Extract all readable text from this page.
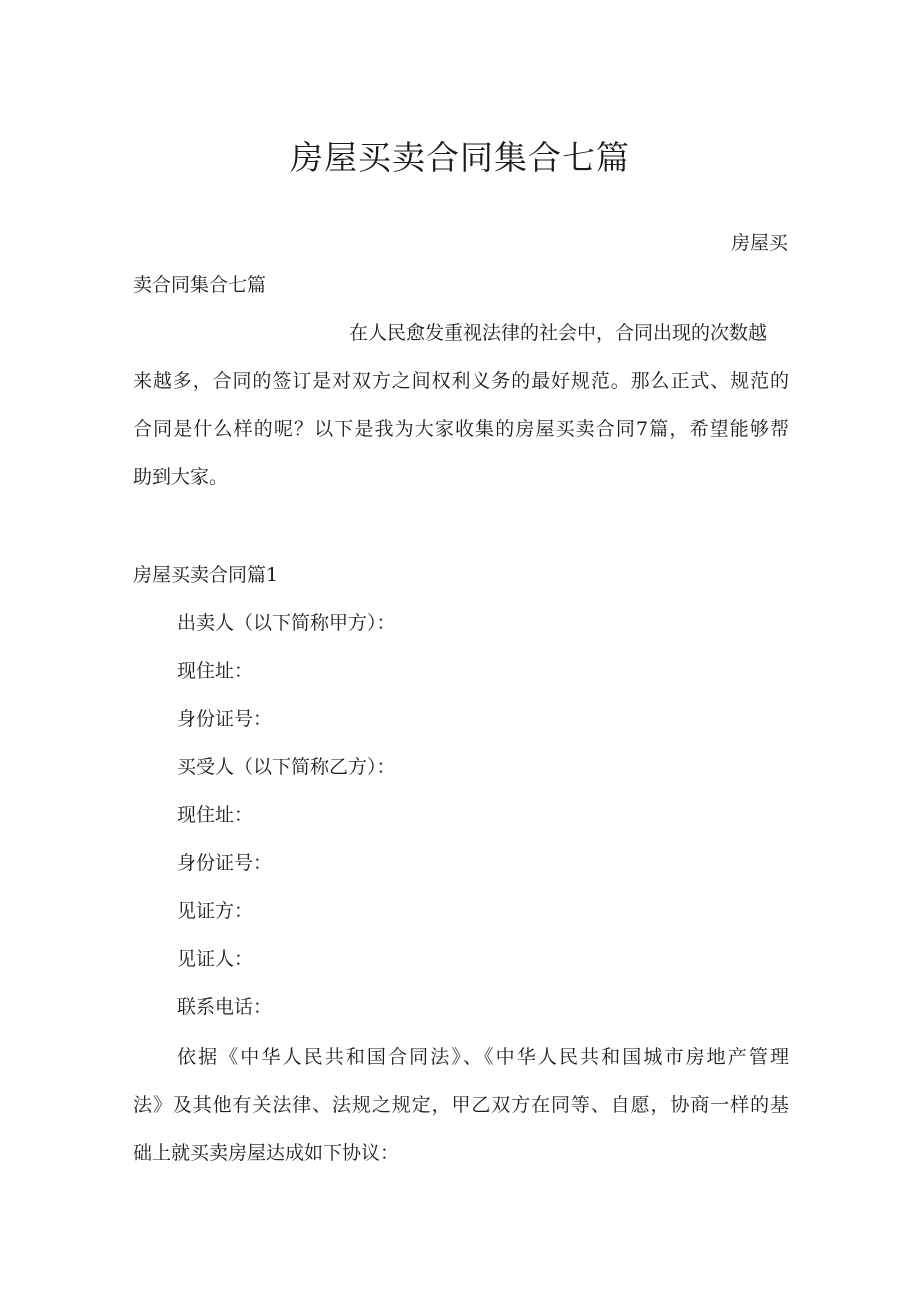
房屋买卖合同集合七篇
房屋买
卖合同集合七篇
在人民愈发重视法律的社会中，合同出现的次数越
来越多，合同的签订是对双方之间权利义务的最好规范。那么正式、规范的
合同是什么样的呢？以下是我为大家收集的房屋买卖合同7篇，希望能够帮
助到大家。
房屋买卖合同篇1
出卖人（以下简称甲方）：
现住址：
身份证号：
买受人（以下简称乙方）：
现住址：
身份证号：
见证方：
见证人：
联系电话：
依据《中华人民共和国合同法》、《中华人民共和国城市房地产管理
法》及其他有关法律、法规之规定，甲乙双方在同等、自愿，协商一样的基
础上就买卖房屋达成如下协议：
